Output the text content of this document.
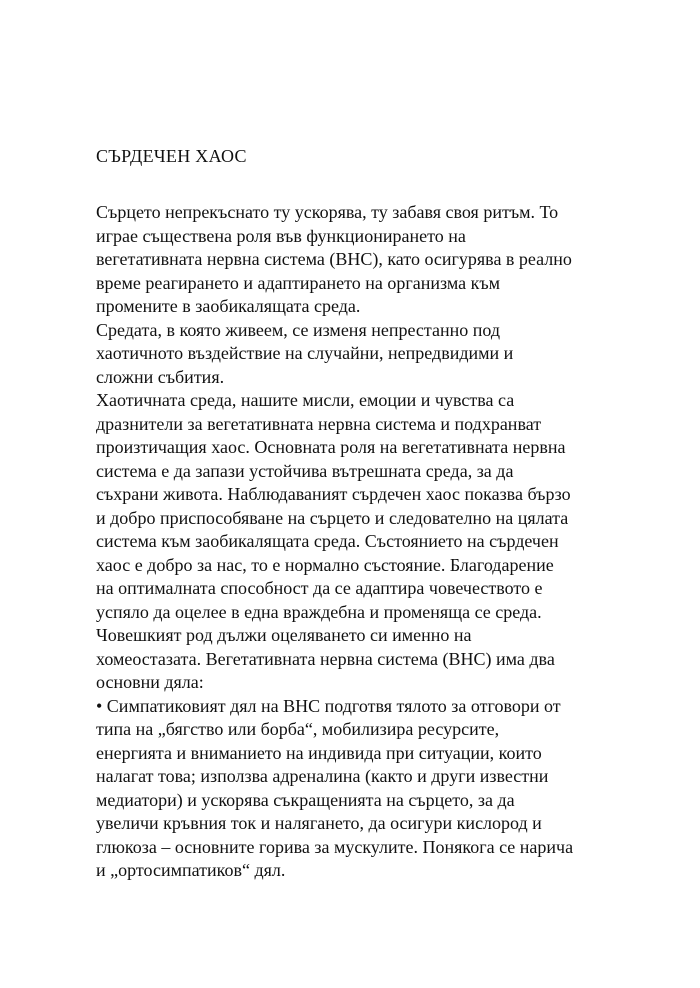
СЪРДЕЧЕН ХАОС
Сърцето непрекъснато ту ускорява, ту забавя своя ритъм. То
играе съществена роля във функционирането на
вегетативната нервна система (ВНС), като осигурява в реално
време реагирането и адаптирането на организма към
промените в заобикалящата среда.
Средата, в която живеем, се изменя непрестанно под
хаотичното въздействие на случайни, непредвидими и
сложни събития.
Хаотичната среда, нашите мисли, емоции и чувства са
дразнители за вегетативната нервна система и подхранват
произтичащия хаос. Основната роля на вегетативната нервна
система е да запази устойчива вътрешната среда, за да
съхрани живота. Наблюдаваният сърдечен хаос показва бързо
и добро приспособяване на сърцето и следователно на цялата
система към заобикалящата среда. Състоянието на сърдечен
хаос е добро за нас, то е нормално състояние. Благодарение
на оптималната способност да се адаптира човечеството е
успяло да оцелее в една враждебна и променяща се среда.
Човешкият род дължи оцеляването си именно на
хомеостазата. Вегетативната нервна система (ВНС) има два
основни дяла:
• Симпатиковият дял на ВНС подготвя тялото за отговори от
типа на „бягство или борба“, мобилизира ресурсите,
енергията и вниманието на индивида при ситуации, които
налагат това; използва адреналина (както и други известни
медиатори) и ускорява съкращенията на сърцето, за да
увеличи кръвния ток и налягането, да осигури кислород и
глюкоза – основните горива за мускулите. Понякога се нарича
и „ортосимпатиков“ дял.
